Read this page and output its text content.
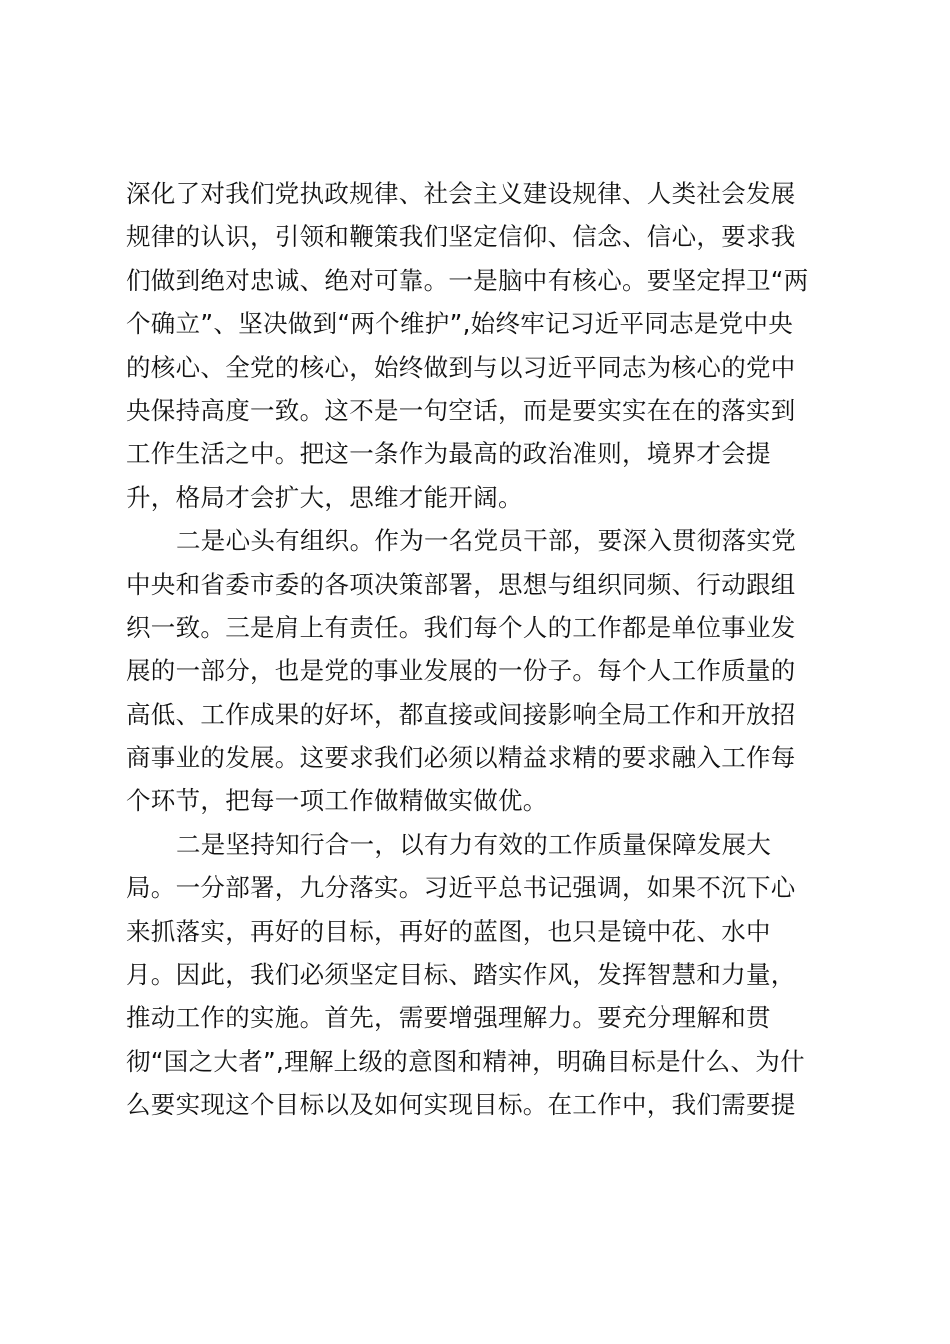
深化了对我们党执政规律、社会主义建设规律、人类社会发展
规律的认识，引领和鞭策我们坚定信仰、信念、信心，要求我
们做到绝对忠诚、绝对可靠。一是脑中有核心。要坚定捍卫“两
个确立”、坚决做到“两个维护”,始终牢记习近平同志是党中央
的核心、全党的核心，始终做到与以习近平同志为核心的党中
央保持高度一致。这不是一句空话，而是要实实在在的落实到
工作生活之中。把这一条作为最高的政治准则，境界才会提
升，格局才会扩大，思维才能开阔。
二是心头有组织。作为一名党员干部，要深入贯彻落实党
中央和省委市委的各项决策部署，思想与组织同频、行动跟组
织一致。三是肩上有责任。我们每个人的工作都是单位事业发
展的一部分，也是党的事业发展的一份子。每个人工作质量的
高低、工作成果的好坏，都直接或间接影响全局工作和开放招
商事业的发展。这要求我们必须以精益求精的要求融入工作每
个环节，把每一项工作做精做实做优。
二是坚持知行合一，以有力有效的工作质量保障发展大
局。一分部署，九分落实。习近平总书记强调，如果不沉下心
来抓落实，再好的目标，再好的蓝图，也只是镜中花、水中
月。因此，我们必须坚定目标、踏实作风，发挥智慧和力量，
推动工作的实施。首先，需要增强理解力。要充分理解和贯
彻“国之大者”,理解上级的意图和精神，明确目标是什么、为什
么要实现这个目标以及如何实现目标。在工作中，我们需要提
